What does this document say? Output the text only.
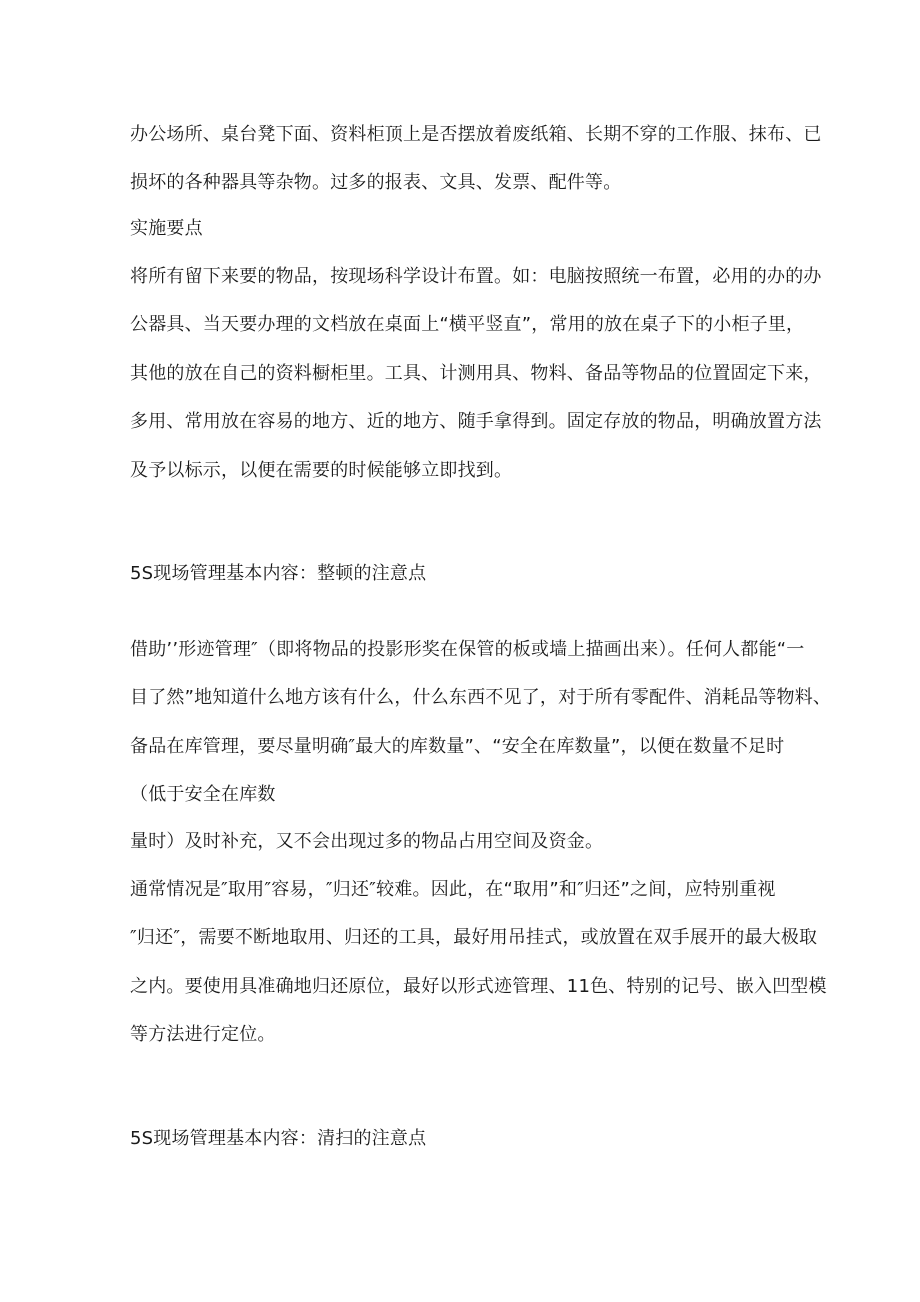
办公场所、桌台凳下面、资料柜顶上是否摆放着废纸箱、长期不穿的工作服、抹布、已
损坏的各种器具等杂物。过多的报表、文具、发票、配件等。
实施要点
将所有留下来要的物品，按现场科学设计布置。如：电脑按照统一布置，必用的办的办
公器具、当天要办理的文档放在桌面上“横平竖直”，常用的放在桌子下的小柜子里，
其他的放在自己的资料橱柜里。工具、计测用具、物料、备品等物品的位置固定下来，
多用、常用放在容易的地方、近的地方、随手拿得到。固定存放的物品，明确放置方法
及予以标示，以便在需要的时候能够立即找到。
5S现场管理基本内容：整顿的注意点
借助’’形迹管理″（即将物品的投影形奖在保管的板或墙上描画出来）。任何人都能“一
目了然”地知道什么地方该有什么，什么东西不见了，对于所有零配件、消耗品等物料、
备品在库管理，要尽量明确″最大的库数量”、“安全在库数量”，以便在数量不足时
（低于安全在库数
量时）及时补充，又不会出现过多的物品占用空间及资金。
通常情况是″取用″容易，″归还″较难。因此，在“取用”和″归还”之间，应特别重视
″归还″，需要不断地取用、归还的工具，最好用吊挂式，或放置在双手展开的最大极取
之内。要使用具准确地归还原位，最好以形式迹管理、11色、特别的记号、嵌入凹型模
等方法进行定位。
5S现场管理基本内容：清扫的注意点
